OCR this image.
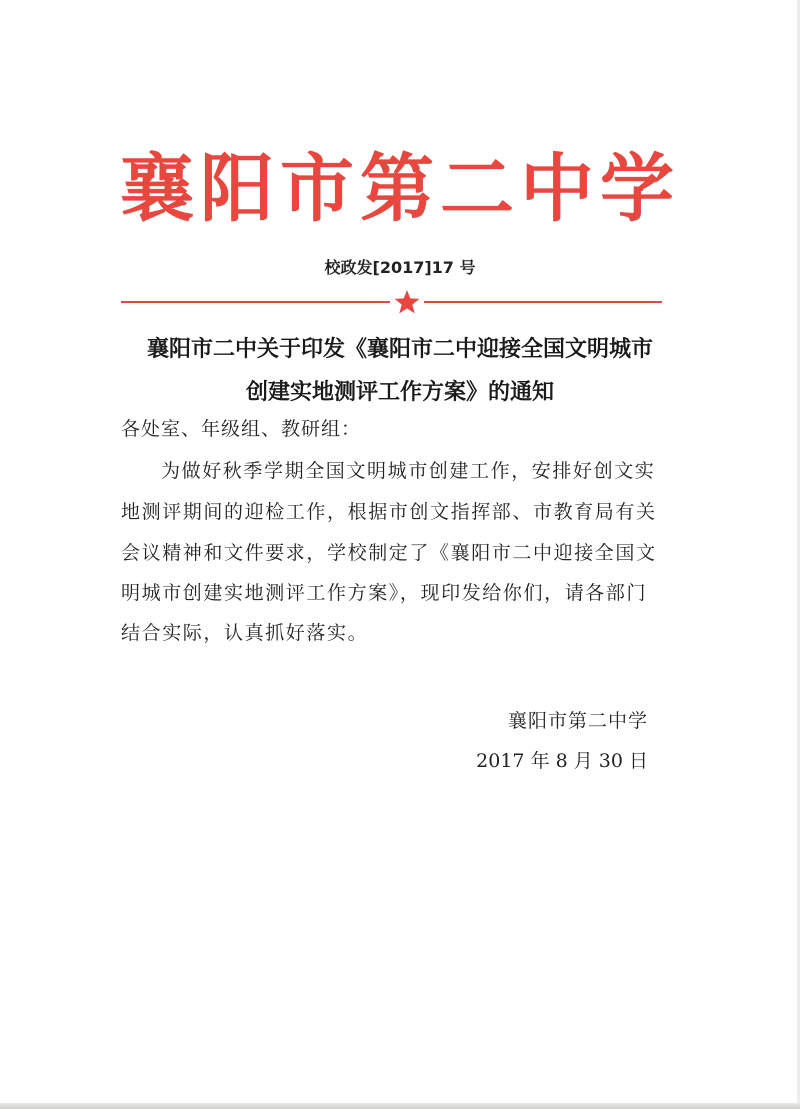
襄阳市第二中学
校政发[2017]17 号
襄阳市二中关于印发《襄阳市二中迎接全国文明城市
创建实地测评工作方案》的通知
各处室、年级组、教研组：
为做好秋季学期全国文明城市创建工作，安排好创文实
地测评期间的迎检工作，根据市创文指挥部、市教育局有关
会议精神和文件要求，学校制定了《襄阳市二中迎接全国文
明城市创建实地测评工作方案》，现印发给你们，请各部门
结合实际，认真抓好落实。
襄阳市第二中学
2017 年 8 月 30 日
